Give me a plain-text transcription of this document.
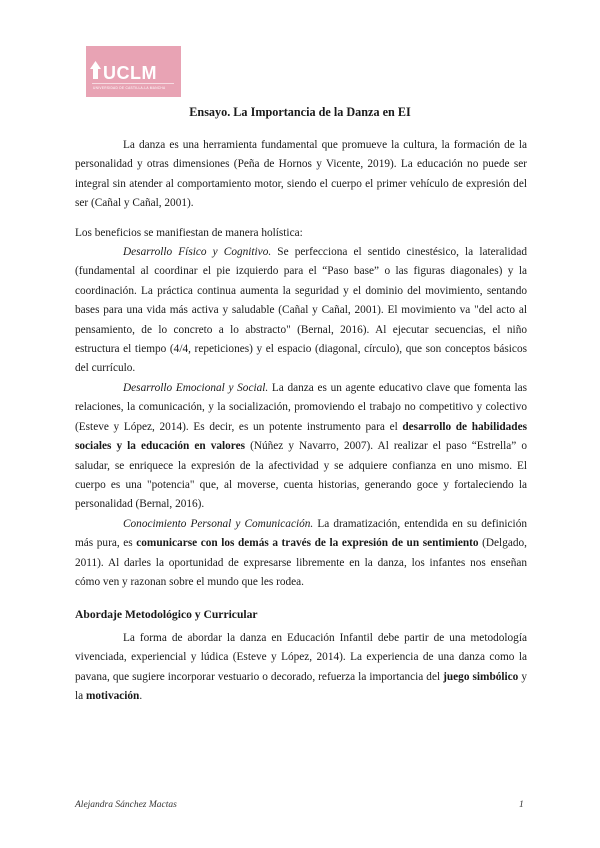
UCLM
UNIVERSIDAD DE CASTILLA-LA MANCHA
Ensayo. La Importancia de la Danza en EI

La danza es una herramienta fundamental que promueve la cultura, la formación de la personalidad y otras dimensiones (Peña de Hornos y Vicente, 2019). La educación no puede ser integral sin atender al comportamiento motor, siendo el cuerpo el primer vehículo de expresión del ser (Cañal y Cañal, 2001).

Los beneficios se manifiestan de manera holística:

Desarrollo Físico y Cognitivo. Se perfecciona el sentido cinestésico, la lateralidad (fundamental al coordinar el pie izquierdo para el “Paso base” o las figuras diagonales) y la coordinación. La práctica continua aumenta la seguridad y el dominio del movimiento, sentando bases para una vida más activa y saludable (Cañal y Cañal, 2001). El movimiento va "del acto al pensamiento, de lo concreto a lo abstracto" (Bernal, 2016). Al ejecutar secuencias, el niño estructura el tiempo (4/4, repeticiones) y el espacio (diagonal, círculo), que son conceptos básicos del currículo.

Desarrollo Emocional y Social. La danza es un agente educativo clave que fomenta las relaciones, la comunicación, y la socialización, promoviendo el trabajo no competitivo y colectivo (Esteve y López, 2014). Es decir, es un potente instrumento para el desarrollo de habilidades sociales y la educación en valores (Núñez y Navarro, 2007). Al realizar el paso “Estrella” o saludar, se enriquece la expresión de la afectividad y se adquiere confianza en uno mismo. El cuerpo es una "potencia" que, al moverse, cuenta historias, generando goce y fortaleciendo la personalidad (Bernal, 2016).

Conocimiento Personal y Comunicación. La dramatización, entendida en su definición más pura, es comunicarse con los demás a través de la expresión de un sentimiento (Delgado, 2011). Al darles la oportunidad de expresarse libremente en la danza, los infantes nos enseñan cómo ven y razonan sobre el mundo que les rodea.

Abordaje Metodológico y Curricular

La forma de abordar la danza en Educación Infantil debe partir de una metodología vivenciada, experiencial y lúdica (Esteve y López, 2014). La experiencia de una danza como la pavana, que sugiere incorporar vestuario o decorado, refuerza la importancia del juego simbólico y la motivación.

Alejandra Sánchez Mactas	1
